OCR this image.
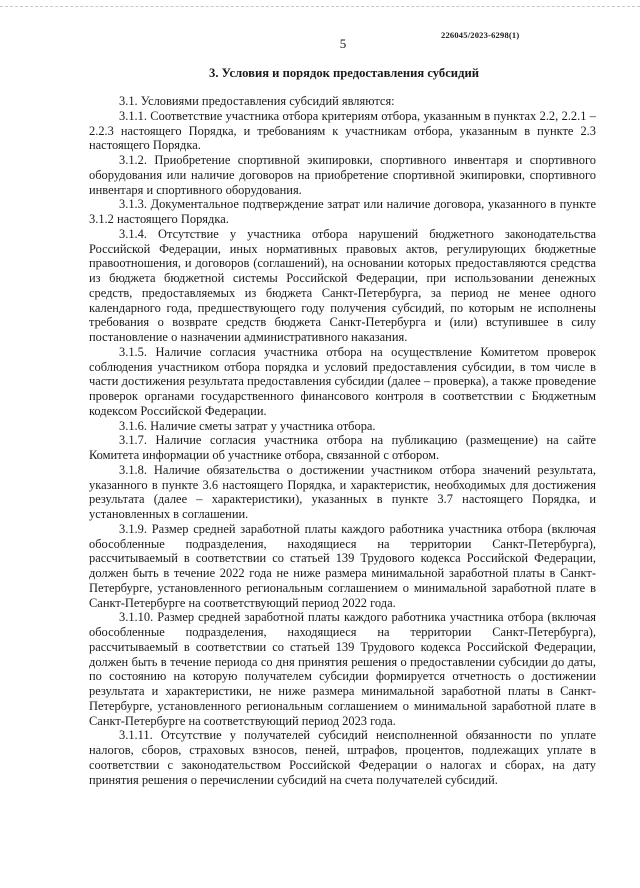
226045/2023-6298(1)
5
3. Условия и порядок предоставления субсидий

3.1. Условиями предоставления субсидий являются:

3.1.1. Соответствие участника отбора критериям отбора, указанным в пунктах 2.2, 2.2.1 – 2.2.3 настоящего Порядка, и требованиям к участникам отбора, указанным в пункте 2.3 настоящего Порядка.

3.1.2. Приобретение спортивной экипировки, спортивного инвентаря и спортивного оборудования или наличие договоров на приобретение спортивной экипировки, спортивного инвентаря и спортивного оборудования.

3.1.3. Документальное подтверждение затрат или наличие договора, указанного в пункте 3.1.2 настоящего Порядка.

3.1.4. Отсутствие у участника отбора нарушений бюджетного законодательства Российской Федерации, иных нормативных правовых актов, регулирующих бюджетные правоотношения, и договоров (соглашений), на основании которых предоставляются средства из бюджета бюджетной системы Российской Федерации, при использовании денежных средств, предоставляемых из бюджета Санкт-Петербурга, за период не менее одного календарного года, предшествующего году получения субсидий, по которым не исполнены требования о возврате средств бюджета Санкт-Петербурга и (или) вступившее в силу постановление о назначении административного наказания.

3.1.5. Наличие согласия участника отбора на осуществление Комитетом проверок соблюдения участником отбора порядка и условий предоставления субсидии, в том числе в части достижения результата предоставления субсидии (далее – проверка), а также проведение проверок органами государственного финансового контроля в соответствии с Бюджетным кодексом Российской Федерации.

3.1.6. Наличие сметы затрат у участника отбора.

3.1.7. Наличие согласия участника отбора на публикацию (размещение) на сайте Комитета информации об участнике отбора, связанной с отбором.

3.1.8. Наличие обязательства о достижении участником отбора значений результата, указанного в пункте 3.6 настоящего Порядка, и характеристик, необходимых для достижения результата (далее – характеристики), указанных в пункте 3.7 настоящего Порядка, и установленных в соглашении.

3.1.9. Размер средней заработной платы каждого работника участника отбора (включая обособленные подразделения, находящиеся на территории Санкт-Петербурга), рассчитываемый в соответствии со статьей 139 Трудового кодекса Российской Федерации, должен быть в течение 2022 года не ниже размера минимальной заработной платы в Санкт-Петербурге, установленного региональным соглашением о минимальной заработной плате в Санкт-Петербурге на соответствующий период 2022 года.

3.1.10. Размер средней заработной платы каждого работника участника отбора (включая обособленные подразделения, находящиеся на территории Санкт-Петербурга), рассчитываемый в соответствии со статьей 139 Трудового кодекса Российской Федерации, должен быть в течение периода со дня принятия решения о предоставлении субсидии до даты, по состоянию на которую получателем субсидии формируется отчетность о достижении результата и характеристики, не ниже размера минимальной заработной платы в Санкт-Петербурге, установленного региональным соглашением о минимальной заработной плате в Санкт-Петербурге на соответствующий период 2023 года.

3.1.11. Отсутствие у получателей субсидий неисполненной обязанности по уплате налогов, сборов, страховых взносов, пеней, штрафов, процентов, подлежащих уплате в соответствии с законодательством Российской Федерации о налогах и сборах, на дату принятия решения о перечислении субсидий на счета получателей субсидий.
